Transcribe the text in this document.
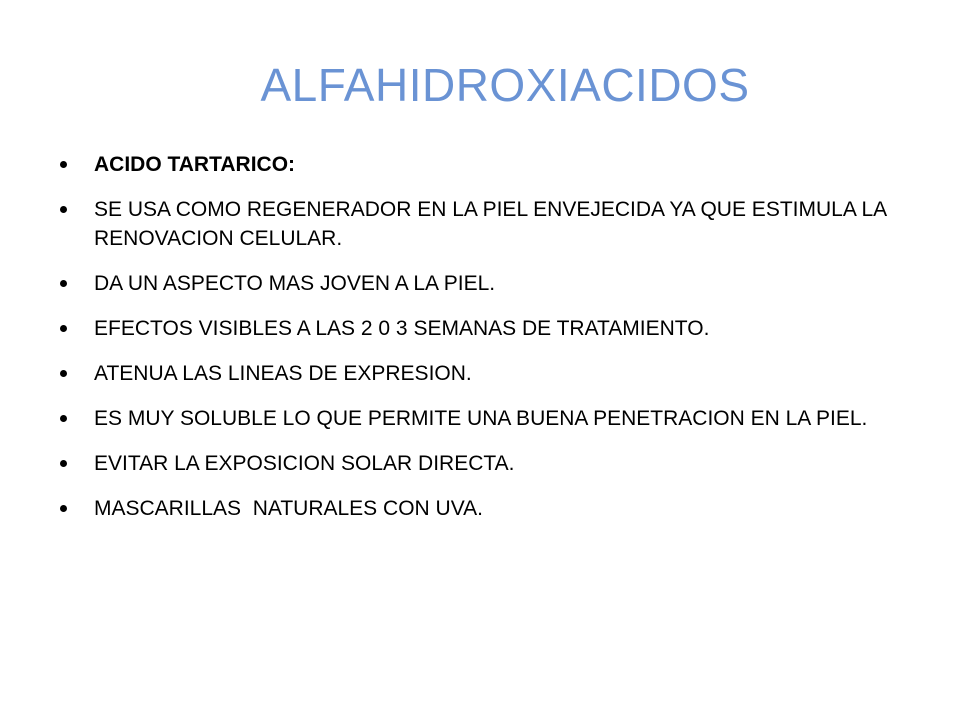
ALFAHIDROXIACIDOS
ACIDO TARTARICO:
SE USA COMO REGENERADOR EN LA PIEL ENVEJECIDA YA QUE ESTIMULA LA RENOVACION CELULAR.
DA UN ASPECTO MAS JOVEN A LA PIEL.
EFECTOS VISIBLES A LAS 2 0 3 SEMANAS DE TRATAMIENTO.
ATENUA LAS LINEAS DE EXPRESION.
ES MUY SOLUBLE LO QUE PERMITE UNA BUENA PENETRACION EN LA PIEL.
EVITAR LA EXPOSICION SOLAR DIRECTA.
MASCARILLAS  NATURALES CON UVA.
